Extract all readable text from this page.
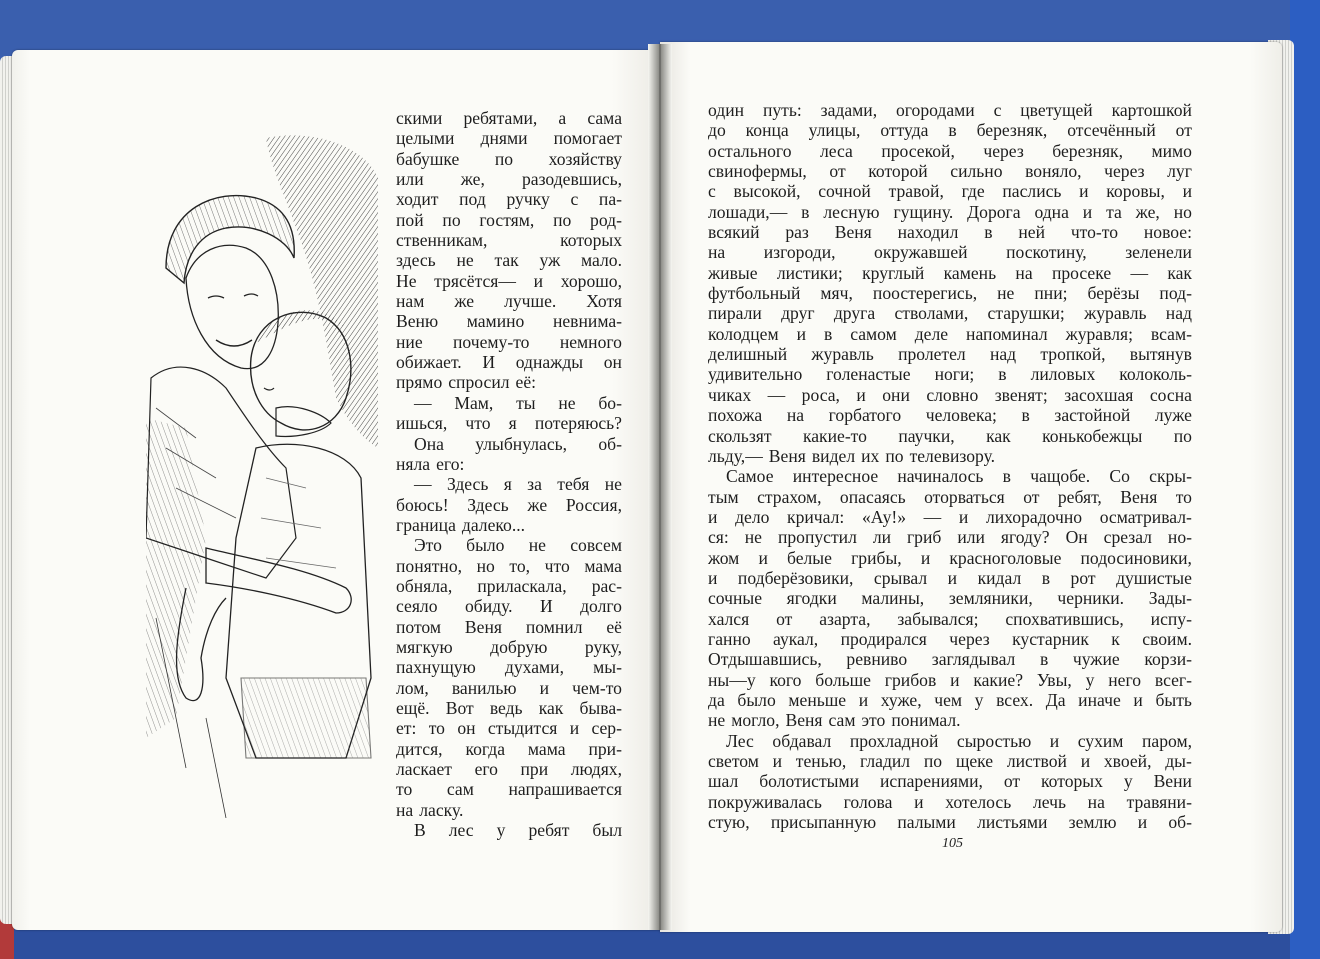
скими ребятами, а сама
целыми днями помогает
бабушке по хозяйству
или же, разодевшись,
ходит под ручку с па-
пой по гостям, по род-
ственникам,	которых
здесь не так уж мало.
Не трясётся— и хорошо,
нам же лучше. Хотя
Веню мамино невнима-
ние почему-то немного
обижает. И однажды он
прямо спросил её:
— Мам, ты не бо-
ишься, что я потеряюсь?
Она улыбнулась, об-
няла его:
— Здесь я за тебя не
боюсь! Здесь же Россия,
граница далеко...
Это было не совсем
понятно, но то, что мама
обняла, приласкала, рас-
сеяло обиду. И долго
потом Веня помнил её
мягкую добрую руку,
пахнущую духами, мы-
лом, ванилью и чем-то
ещё. Вот ведь как быва-
ет: то он стыдится и сер-
дится, когда мама при-
ласкает его при людях,
то сам напрашивается
на ласку.
В лес у ребят был
один путь: задами, огородами с цветущей картошкой
до конца улицы, оттуда в березняк, отсечённый от
остального леса просекой, через березняк, мимо
свинофермы, от которой сильно воняло, через луг
с высокой, сочной травой, где паслись и коровы, и
лошади,— в лесную гущину. Дорога одна и та же, но
всякий раз Веня находил в ней что-то новое:
на изгороди, окружавшей поскотину, зеленели
живые листики; круглый камень на просеке — как
футбольный мяч, поостерегись, не пни; берёзы под-
пирали друг друга стволами, старушки; журавль над
колодцем и в самом деле напоминал журавля; всам-
делишный журавль пролетел над тропкой, вытянув
удивительно голенастые ноги; в лиловых колоколь-
чиках — роса, и они словно звенят; засохшая сосна
похожа на горбатого человека; в застойной луже
скользят какие-то паучки, как конькобежцы по
льду,— Веня видел их по телевизору.
Самое интересное начиналось в чащобе. Со скры-
тым страхом, опасаясь оторваться от ребят, Веня то
и дело кричал: «Ау!» — и лихорадочно осматривал-
ся: не пропустил ли гриб или ягоду? Он срезал но-
жом и белые грибы, и красноголовые подосиновики,
и подберёзовики, срывал и кидал в рот душистые
сочные ягодки малины, земляники, черники. Зады-
хался от азарта, забывался; спохватившись, испу-
ганно аукал, продирался через кустарник к своим.
Отдышавшись, ревниво заглядывал в чужие корзи-
ны—у кого больше грибов и какие? Увы, у него всег-
да было меньше и хуже, чем у всех. Да иначе и быть
не могло, Веня сам это понимал.
Лес обдавал прохладной сыростью и сухим паром,
светом и тенью, гладил по щеке листвой и хвоей, ды-
шал болотистыми испарениями, от которых у Вени
покруживалась голова и хотелось лечь на травяни-
стую, присыпанную палыми листьями землю и об-
105
